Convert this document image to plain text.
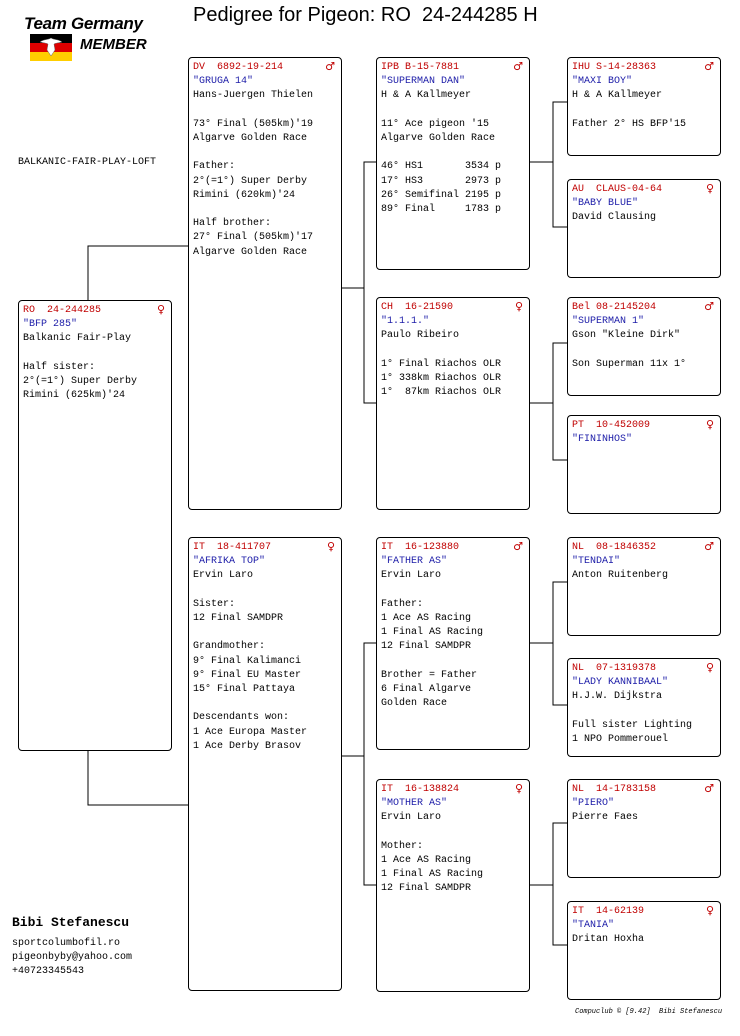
Team Germany
MEMBER
Pedigree for Pigeon: RO  24-244285 H
BALKANIC-FAIR-PLAY-LOFT
RO  24-244285	♀
"BFP 285"
Balkanic Fair-Play
Half sister:
2°(=1°) Super Derby
Rimini (625km)'24
DV  6892-19-214	♂
"GRUGA 14"
Hans-Juergen Thielen
73° Final (505km)'19
Algarve Golden Race
Father:
2°(=1°) Super Derby
Rimini (620km)'24
Half brother:
27° Final (505km)'17
Algarve Golden Race
IT  18-411707	♀
"AFRIKA TOP"
Ervin Laro
Sister:
12 Final SAMDPR
Grandmother:
9° Final Kalimanci
9° Final EU Master
15° Final Pattaya
Descendants won:
1 Ace Europa Master
1 Ace Derby Brasov
IPB B-15-7881	♂
"SUPERMAN DAN"
H & A Kallmeyer
11° Ace pigeon '15
Algarve Golden Race
46° HS1       3534 p
17° HS3       2973 p
26° Semifinal 2195 p
89° Final     1783 p
CH  16-21590	♀
"1.1.1."
Paulo Ribeiro
1° Final Riachos OLR
1° 338km Riachos OLR
1°  87km Riachos OLR
IT  16-123880	♂
"FATHER AS"
Ervin Laro
Father:
1 Ace AS Racing
1 Final AS Racing
12 Final SAMDPR
Brother = Father
6 Final Algarve
Golden Race
IT  16-138824	♀
"MOTHER AS"
Ervin Laro
Mother:
1 Ace AS Racing
1 Final AS Racing
12 Final SAMDPR
IHU S-14-28363	♂
"MAXI BOY"
H & A Kallmeyer
Father 2° HS BFP'15
AU  CLAUS-04-64	♀
"BABY BLUE"
David Clausing
Bel 08-2145204	♂
"SUPERMAN 1"
Gson "Kleine Dirk"
Son Superman 11x 1°
PT  10-452009	♀
"FININHOS"
NL  08-1846352	♂
"TENDAI"
Anton Ruitenberg
NL  07-1319378	♀
"LADY KANNIBAAL"
H.J.W. Dijkstra
Full sister Lighting
1 NPO Pommerouel
NL  14-1783158	♂
"PIERO"
Pierre Faes
IT  14-62139	♀
"TANIA"
Dritan Hoxha
Bibi Stefanescu
sportcolumbofil.ro
pigeonbyby@yahoo.com
+40723345543
Compuclub © [9.42]  Bibi Stefanescu
